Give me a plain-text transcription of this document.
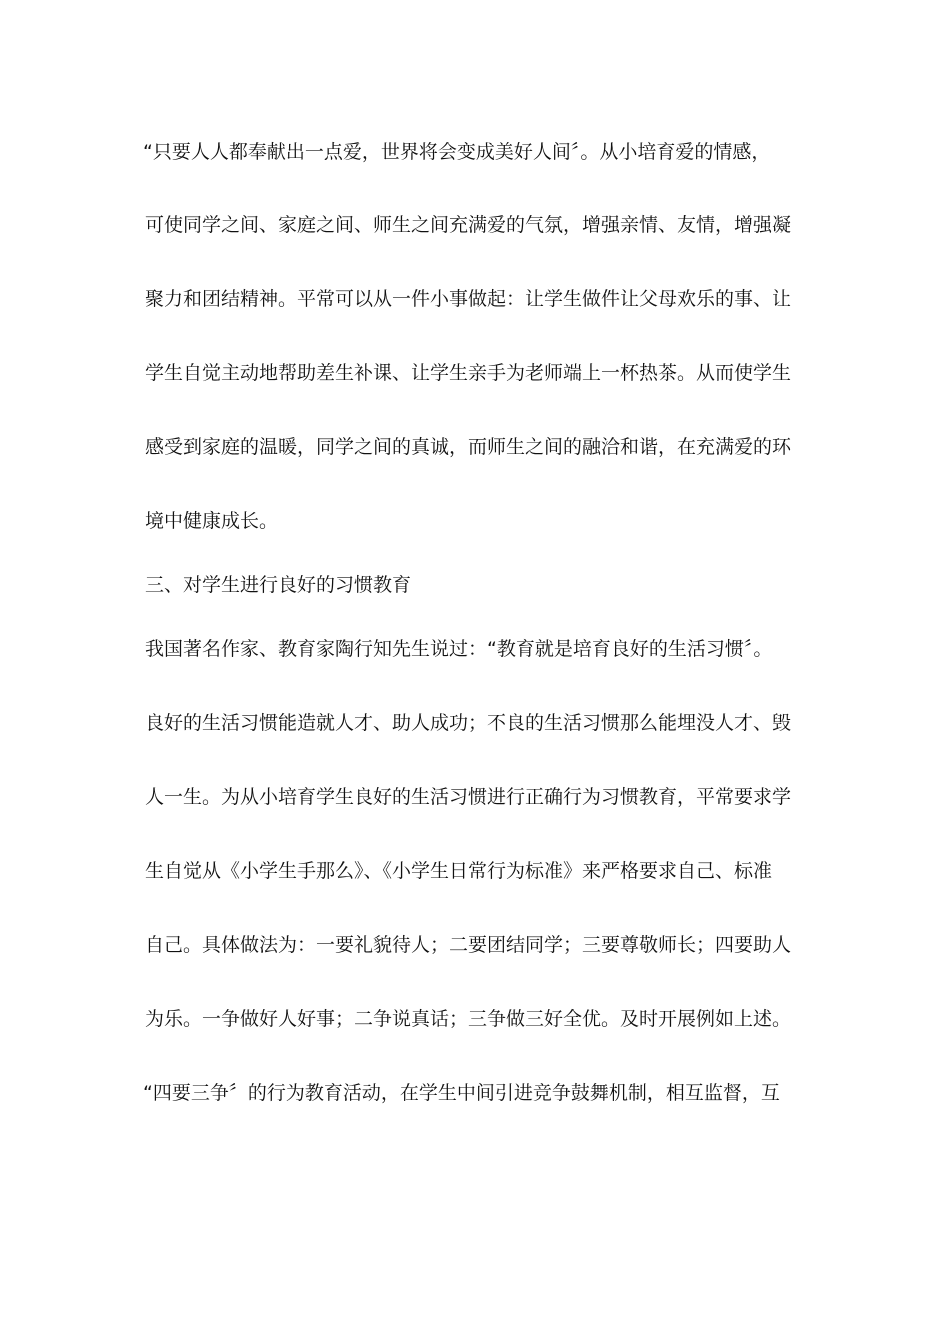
“只要人人都奉献出一点爱，世界将会变成美好人间〞。从小培育爱的情感，
可使同学之间、家庭之间、师生之间充满爱的气氛，增强亲情、友情，增强凝
聚力和团结精神。平常可以从一件小事做起：让学生做件让父母欢乐的事、让
学生自觉主动地帮助差生补课、让学生亲手为老师端上一杯热茶。从而使学生
感受到家庭的温暖，同学之间的真诚，而师生之间的融洽和谐，在充满爱的环
境中健康成长。
三、对学生进行良好的习惯教育
我国著名作家、教育家陶行知先生说过：“教育就是培育良好的生活习惯〞。
良好的生活习惯能造就人才、助人成功；不良的生活习惯那么能埋没人才、毁
人一生。为从小培育学生良好的生活习惯进行正确行为习惯教育，平常要求学
生自觉从《小学生手那么》、《小学生日常行为标准》来严格要求自己、标准
自己。具体做法为：一要礼貌待人；二要团结同学；三要尊敬师长；四要助人
为乐。一争做好人好事；二争说真话；三争做三好全优。及时开展例如上述。
“四要三争〞的行为教育活动，在学生中间引进竞争鼓舞机制，相互监督，互
